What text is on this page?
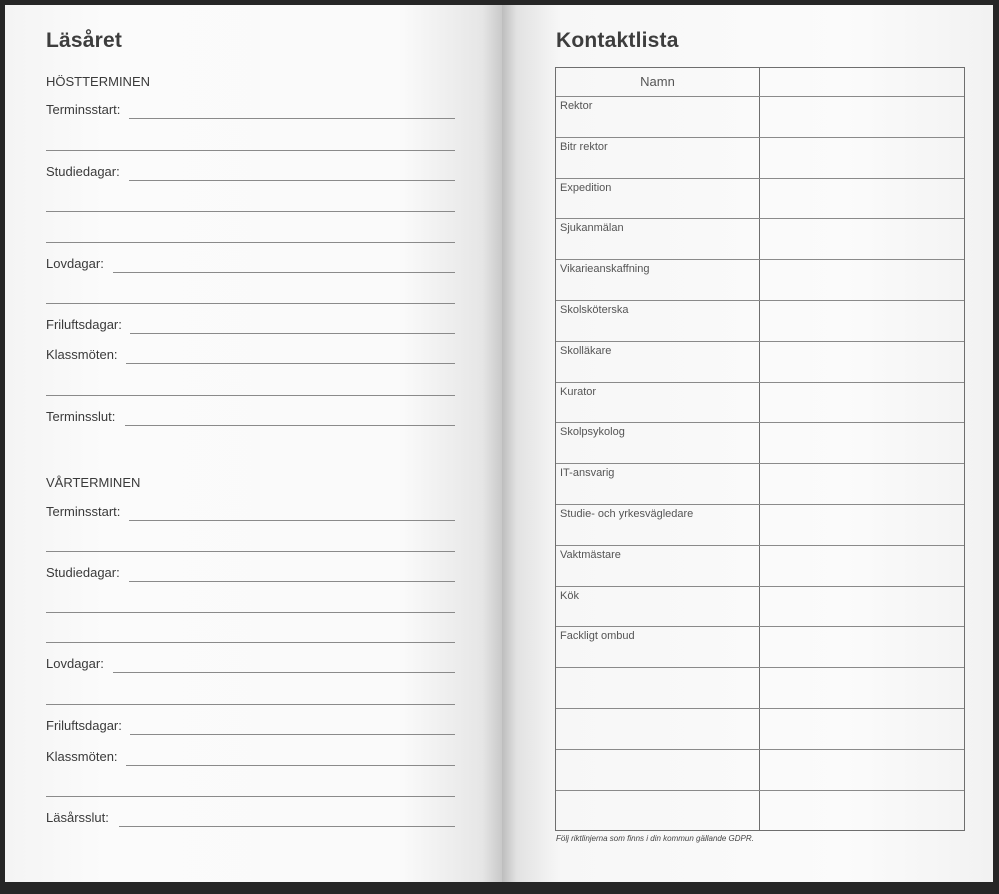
Läsåret
HÖSTTERMINEN
Terminsstart:
Studiedagar:
Lovdagar:
Friluftsdagar:
Klassmöten:
Terminsslut:
VÅRTERMINEN
Terminsstart:
Studiedagar:
Lovdagar:
Friluftsdagar:
Klassmöten:
Läsårsslut:
Kontaktlista
Namn
Rektor
Bitr rektor
Expedition
Sjukanmälan
Vikarieanskaffning
Skolsköterska
Skolläkare
Kurator
Skolpsykolog
IT-ansvarig
Studie- och yrkesvägledare
Vaktmästare
Kök
Fackligt ombud
Följ riktlinjerna som finns i din kommun gällande GDPR.
